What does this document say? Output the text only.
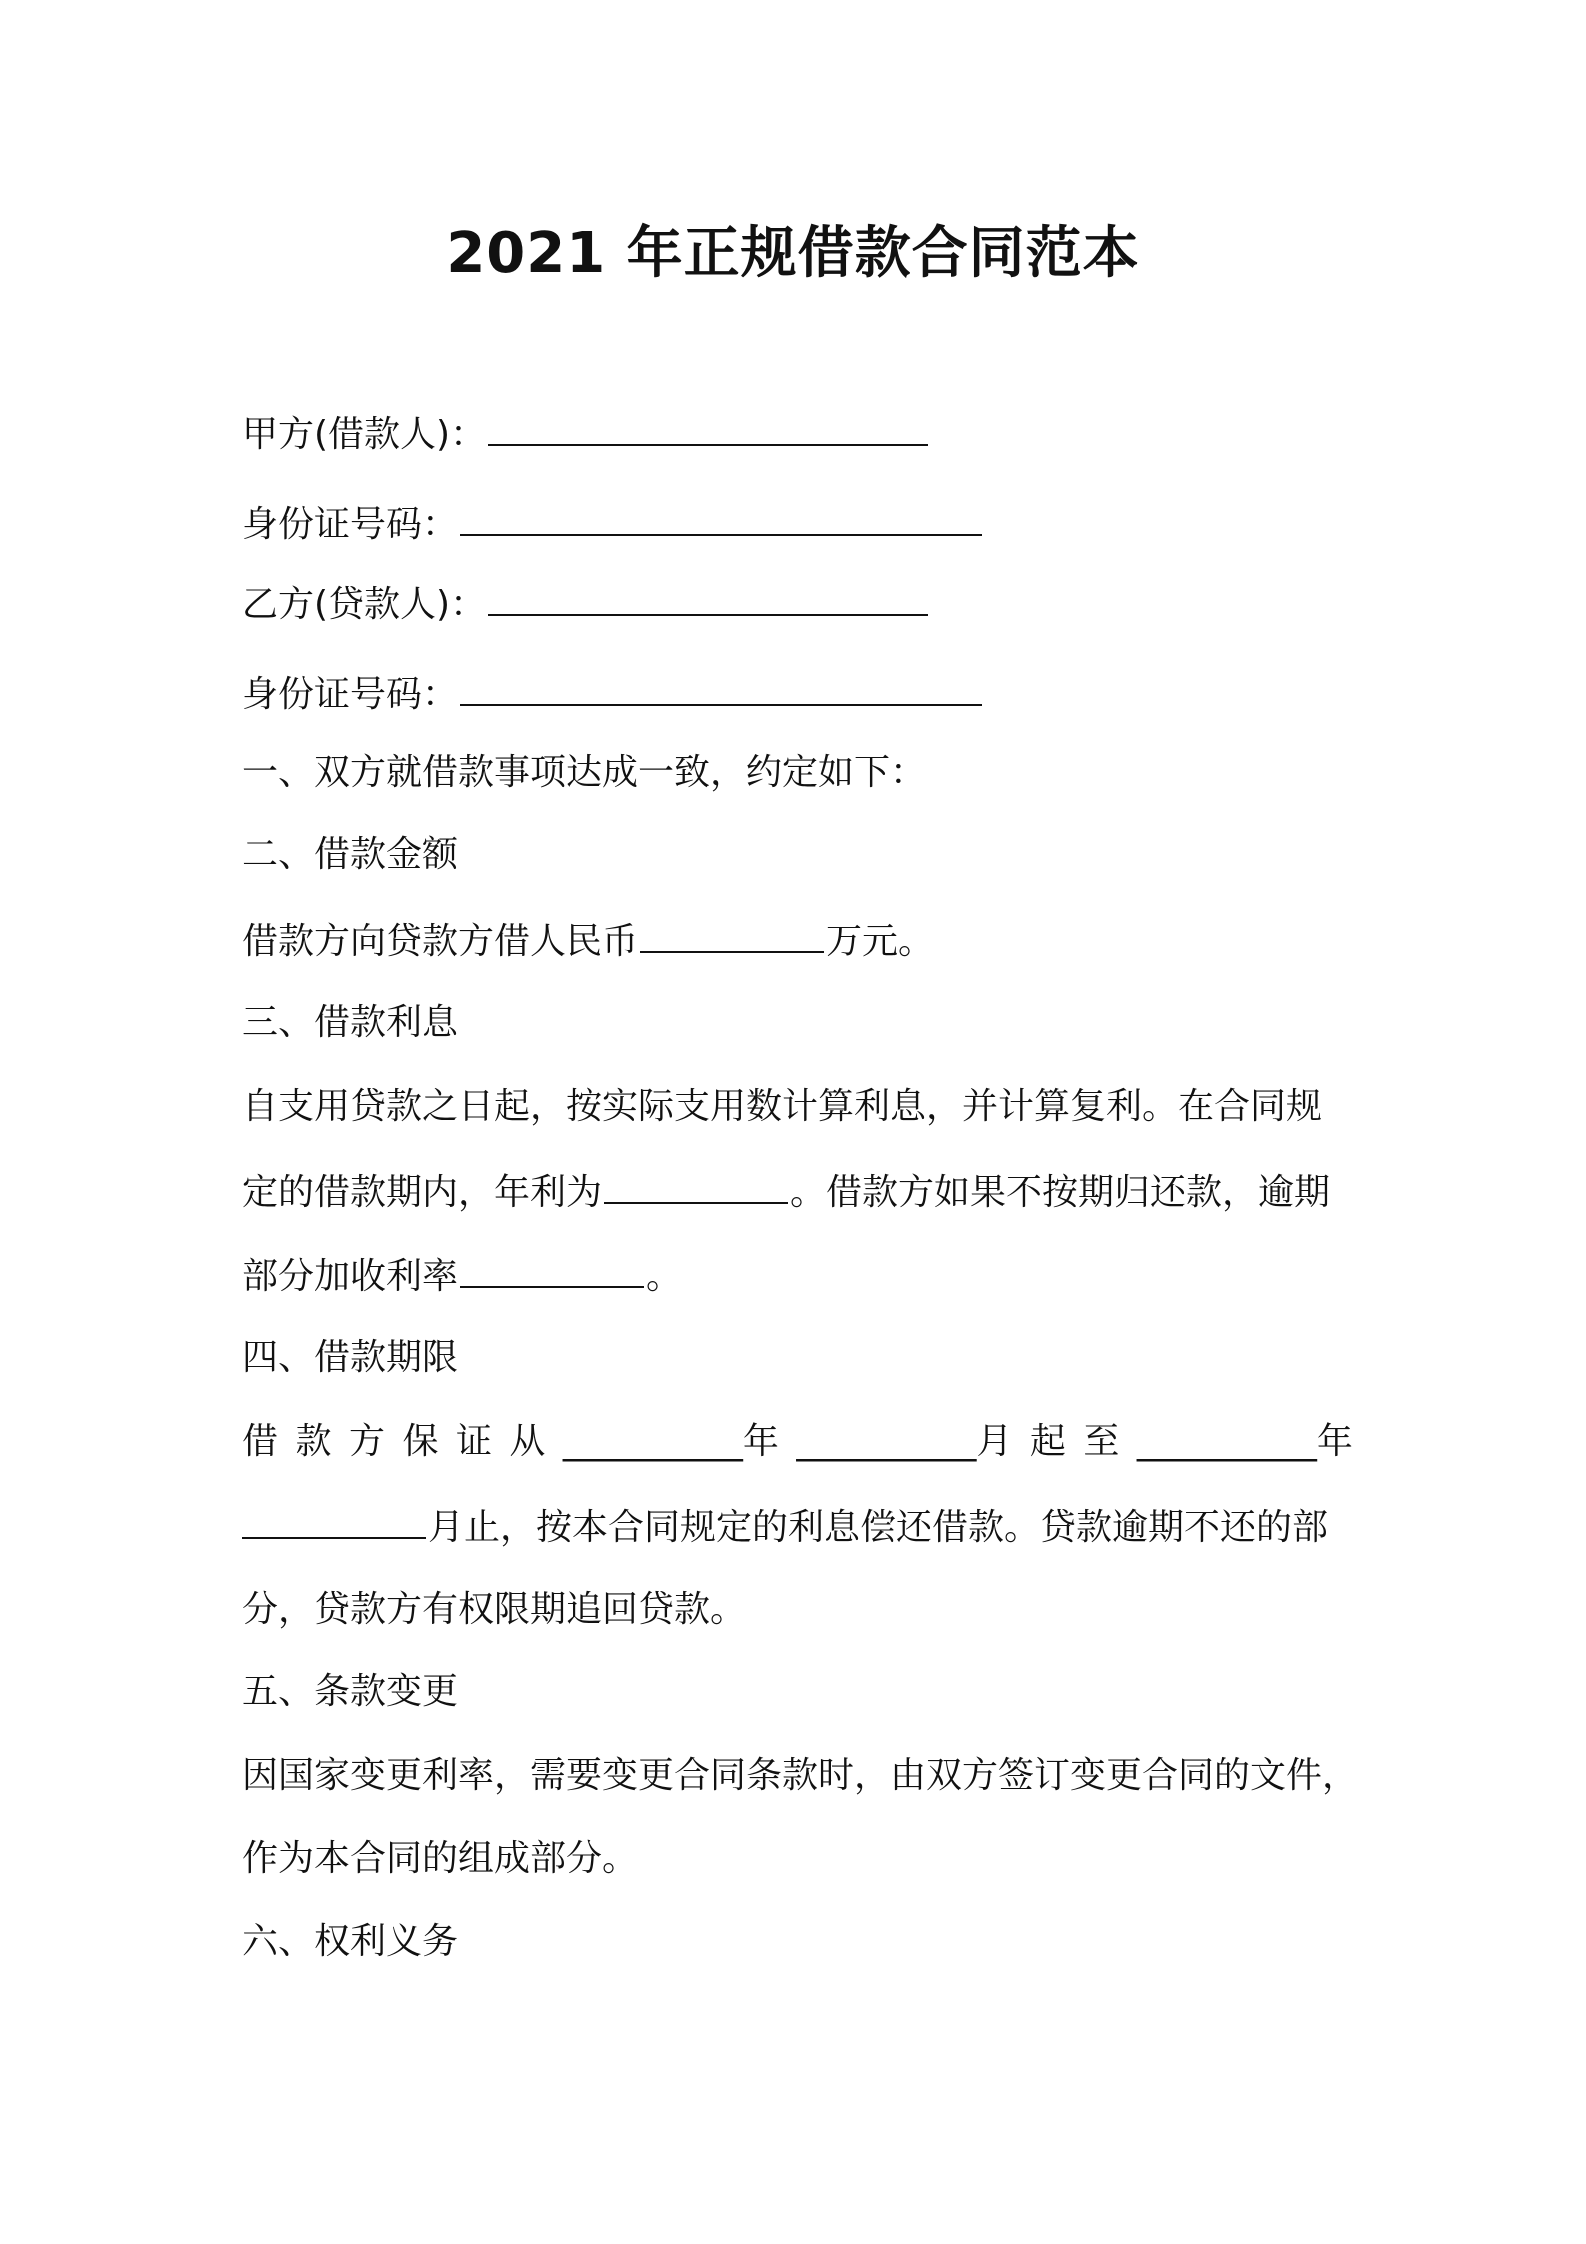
2021 年正规借款合同范本
甲方(借款人)：
身份证号码：
乙方(贷款人)：
身份证号码：
一、双方就借款事项达成一致，约定如下：
二、借款金额
借款方向贷款方借人民币	万元。
三、借款利息
自支用贷款之日起，按实际支用数计算利息，并计算复利。在合同规
定的借款期内，年利为	。借款方如果不按期归还款，逾期
部分加收利率	。
四、借款期限
借 款 方 保 证 从 __________年 __________月 起 至 __________年
月止，按本合同规定的利息偿还借款。贷款逾期不还的部
分，贷款方有权限期追回贷款。
五、条款变更
因国家变更利率，需要变更合同条款时，由双方签订变更合同的文件，
作为本合同的组成部分。
六、权利义务
